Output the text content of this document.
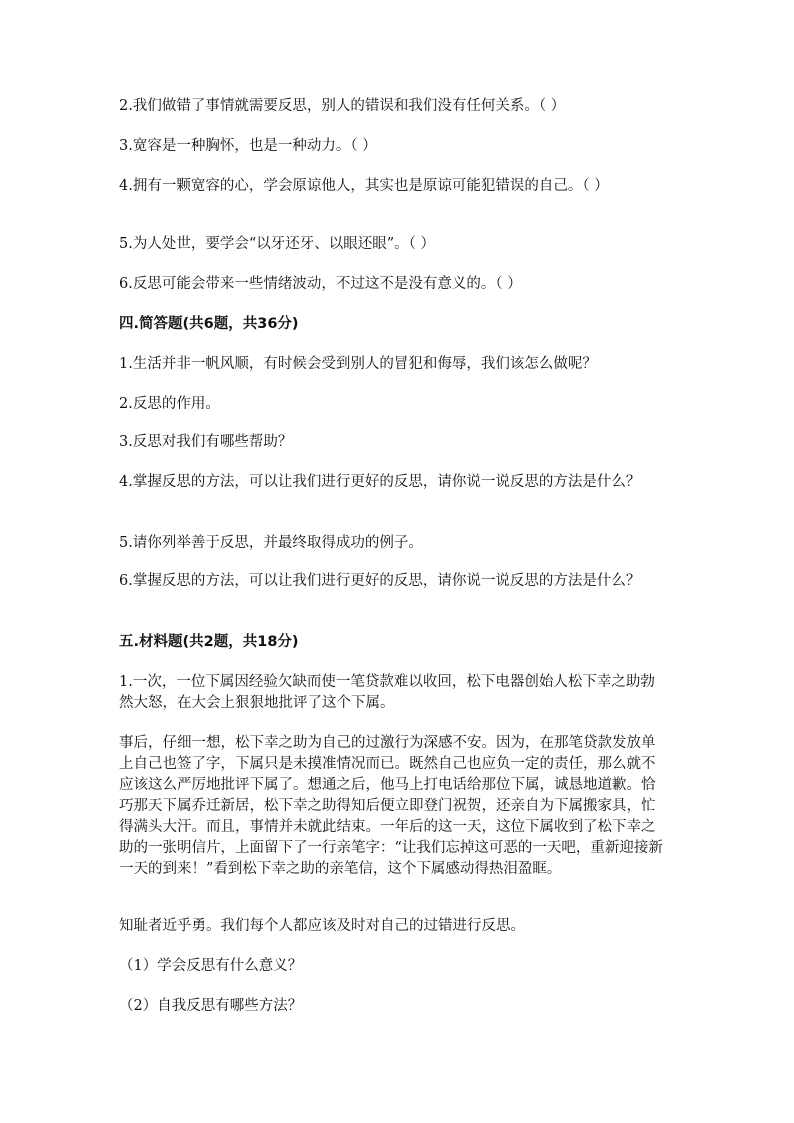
2.我们做错了事情就需要反思，别人的错误和我们没有任何关系。（ ）
3.宽容是一种胸怀，也是一种动力。（ ）
4.拥有一颗宽容的心，学会原谅他人，其实也是原谅可能犯错误的自己。（ ）
5.为人处世，要学会“以牙还牙、以眼还眼”。（ ）
6.反思可能会带来一些情绪波动，不过这不是没有意义的。（ ）
四.简答题(共6题，共36分)
1.生活并非一帆风顺，有时候会受到别人的冒犯和侮辱，我们该怎么做呢？
2.反思的作用。
3.反思对我们有哪些帮助？
4.掌握反思的方法，可以让我们进行更好的反思，请你说一说反思的方法是什么？
5.请你列举善于反思，并最终取得成功的例子。
6.掌握反思的方法，可以让我们进行更好的反思，请你说一说反思的方法是什么？
五.材料题(共2题，共18分)
1.一次，一位下属因经验欠缺而使一笔贷款难以收回，松下电器创始人松下幸之助勃然大怒，在大会上狠狠地批评了这个下属。
事后，仔细一想，松下幸之助为自己的过激行为深感不安。因为，在那笔贷款发放单上自己也签了字，下属只是未摸准情况而已。既然自己也应负一定的责任，那么就不应该这么严厉地批评下属了。想通之后，他马上打电话给那位下属，诚恳地道歉。恰巧那天下属乔迁新居，松下幸之助得知后便立即登门祝贺，还亲自为下属搬家具，忙得满头大汗。而且，事情并未就此结束。一年后的这一天，这位下属收到了松下幸之助的一张明信片，上面留下了一行亲笔字：“让我们忘掉这可恶的一天吧，重新迎接新一天的到来！”看到松下幸之助的亲笔信，这个下属感动得热泪盈眶。
知耻者近乎勇。我们每个人都应该及时对自己的过错进行反思。
（1）学会反思有什么意义？
（2）自我反思有哪些方法？
